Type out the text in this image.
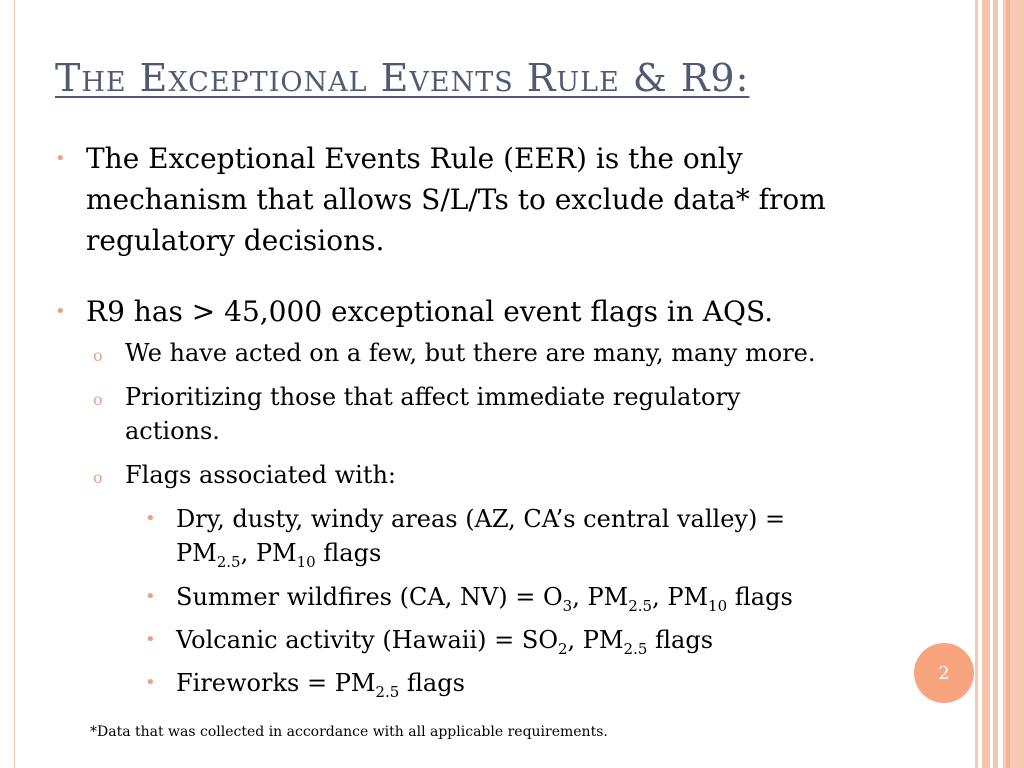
The Exceptional Events Rule & R9:
• The Exceptional Events Rule (EER) is the only
mechanism that allows S/L/Ts to exclude data* from
regulatory decisions.
• R9 has > 45,000 exceptional event flags in AQS.
o We have acted on a few, but there are many, many more.
o Prioritizing those that affect immediate regulatory
actions.
o Flags associated with:
• Dry, dusty, windy areas (AZ, CA’s central valley) =
$PM_{2.5}$, $PM_{10}$ flags
• Summer wildfires (CA, $NV) = O_3$, $PM_{2.5}$, $PM_{10}$ flags
• Volcanic activity (Hawaii) = $SO_2$, $PM_{2.5}$ flags
• Fireworks = $PM_{2.5}$ flags
*Data that was collected in accordance with all applicable requirements.
2
